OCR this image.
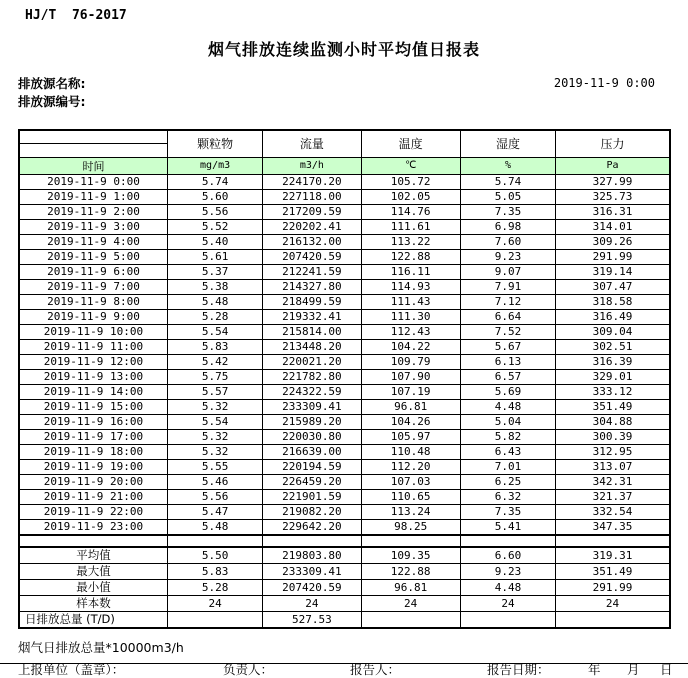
HJ/T  76-2017
烟气排放连续监测小时平均值日报表
排放源名称:	2019-11-9 0:00
排放源编号:
	颗粒物	流量	温度	湿度	压力

时间	mg/m3	m3/h	℃	%	Pa
2019-11-9 0:00	5.74	224170.20	105.72	5.74	327.99
2019-11-9 1:00	5.60	227118.00	102.05	5.05	325.73
2019-11-9 2:00	5.56	217209.59	114.76	7.35	316.31
2019-11-9 3:00	5.52	220202.41	111.61	6.98	314.01
2019-11-9 4:00	5.40	216132.00	113.22	7.60	309.26
2019-11-9 5:00	5.61	207420.59	122.88	9.23	291.99
2019-11-9 6:00	5.37	212241.59	116.11	9.07	319.14
2019-11-9 7:00	5.38	214327.80	114.93	7.91	307.47
2019-11-9 8:00	5.48	218499.59	111.43	7.12	318.58
2019-11-9 9:00	5.28	219332.41	111.30	6.64	316.49
2019-11-9 10:00	5.54	215814.00	112.43	7.52	309.04
2019-11-9 11:00	5.83	213448.20	104.22	5.67	302.51
2019-11-9 12:00	5.42	220021.20	109.79	6.13	316.39
2019-11-9 13:00	5.75	221782.80	107.90	6.57	329.01
2019-11-9 14:00	5.57	224322.59	107.19	5.69	333.12
2019-11-9 15:00	5.32	233309.41	96.81	4.48	351.49
2019-11-9 16:00	5.54	215989.20	104.26	5.04	304.88
2019-11-9 17:00	5.32	220030.80	105.97	5.82	300.39
2019-11-9 18:00	5.32	216639.00	110.48	6.43	312.95
2019-11-9 19:00	5.55	220194.59	112.20	7.01	313.07
2019-11-9 20:00	5.46	226459.20	107.03	6.25	342.31
2019-11-9 21:00	5.56	221901.59	110.65	6.32	321.37
2019-11-9 22:00	5.47	219082.20	113.24	7.35	332.54
2019-11-9 23:00	5.48	229642.20	98.25	5.41	347.35

平均值	5.50	219803.80	109.35	6.60	319.31
最大值	5.83	233309.41	122.88	9.23	351.49
最小值	5.28	207420.59	96.81	4.48	291.99
样本数	24	24	24	24	24
日排放总量 (T/D)		527.53			
烟气日排放总量*10000m3/h
上报单位（盖章）：	负责人：	报告人：	报告日期：	年 月 日
